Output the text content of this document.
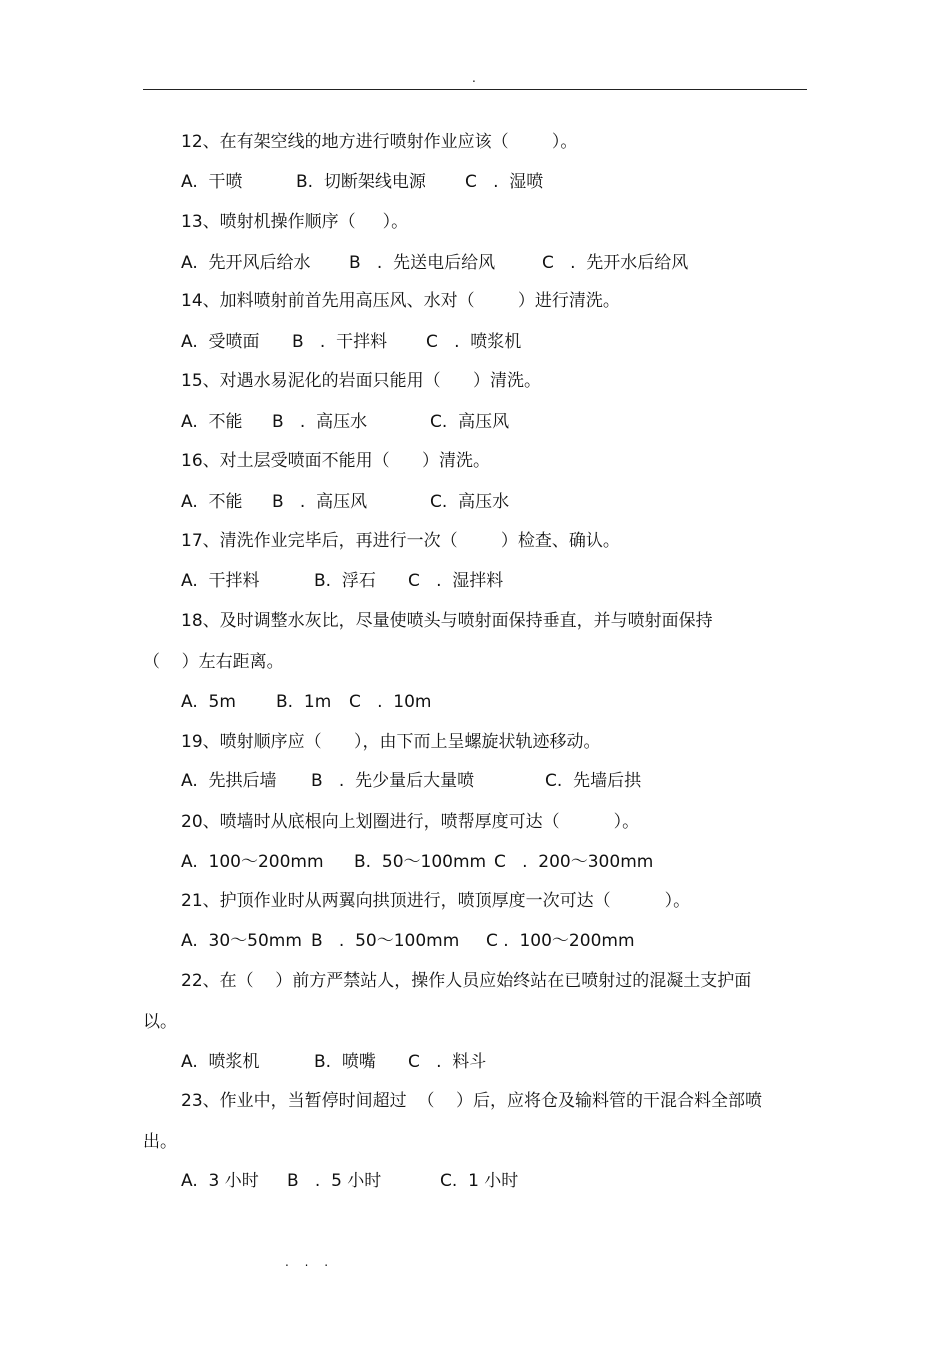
.
12、在有架空线的地方进行喷射作业应该（        ）。

A.  干喷

	B.  切断架线电源

C   .  湿喷

13、喷射机操作顺序（     ）。

A.  先开风后给水

B   .  先送电后给风

	C   .  先开水后给风

14、加料喷射前首先用高压风、水对（        ）进行清洗。

A.  受喷面

B   .  干拌料

C   .  喷浆机

15、对遇水易泥化的岩面只能用（      ）清洗。

A.  不能

B   .  高压水

	C.  高压风

16、对土层受喷面不能用（      ）清洗。

A.  不能

B   .  高压风

	C.  高压水

17、清洗作业完毕后，再进行一次（        ）检查、确认。

A.  干拌料

	B.  浮石

C   .  湿拌料

18、及时调整水灰比，尽量使喷头与喷射面保持垂直，并与喷射面保持
（    ）左右距离。

A.  5m

B.  1m

C   .  10m

19、喷射顺序应（      ），由下而上呈螺旋状轨迹移动。

A.  先拱后墙

B   .  先少量后大量喷

	C.  先墙后拱

20、喷墙时从底根向上划圈进行，喷帮厚度可达（          ）。

A.  100～200mm

B.  50～100mm

C   .  200～300mm

21、护顶作业时从两翼向拱顶进行，喷顶厚度一次可达（          ）。

A.  30～50mm

B   .  50～100mm

C .  100～200mm

22、在（    ）前方严禁站人，操作人员应始终站在已喷射过的混凝土支护面
以。

A.  喷浆机

	B.  喷嘴

C   .  料斗

23、作业中，当暂停时间超过  （    ）后，应将仓及输料管的干混合料全部喷
出。

A.  3 小时

B   .  5 小时

	C.  1 小时

. . .
